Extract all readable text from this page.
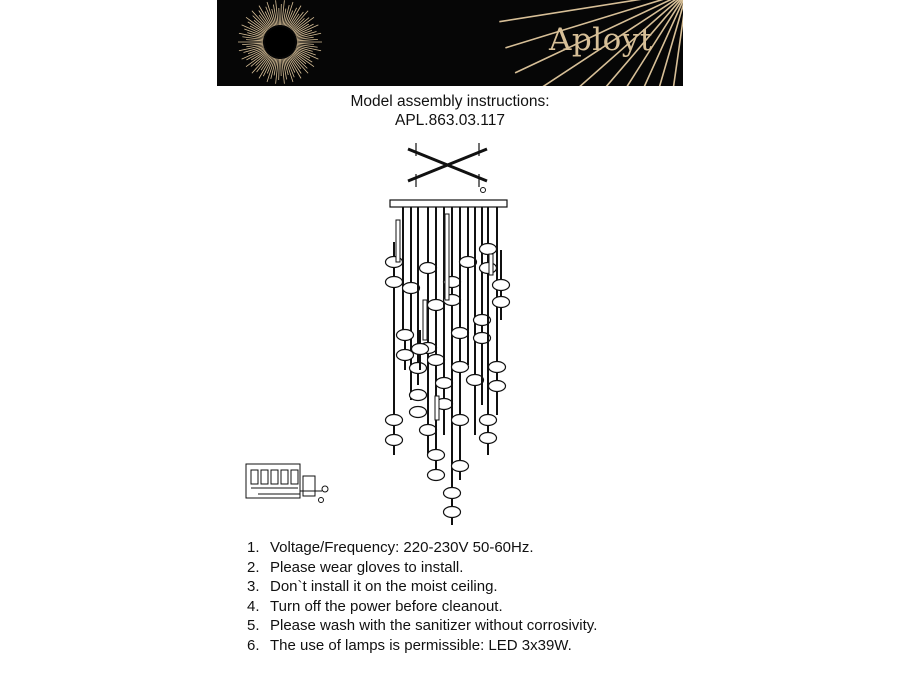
Aployt
Model assembly instructions:
APL.863.03.117
1. Voltage/Frequency: 220-230V 50-60Hz.
2. Please wear gloves to install.
3. Don`t install it on the moist ceiling.
4. Turn off the power before cleanout.
5. Please wash with the sanitizer without corrosivity.
6. The use of lamps is permissible: LED 3x39W.
